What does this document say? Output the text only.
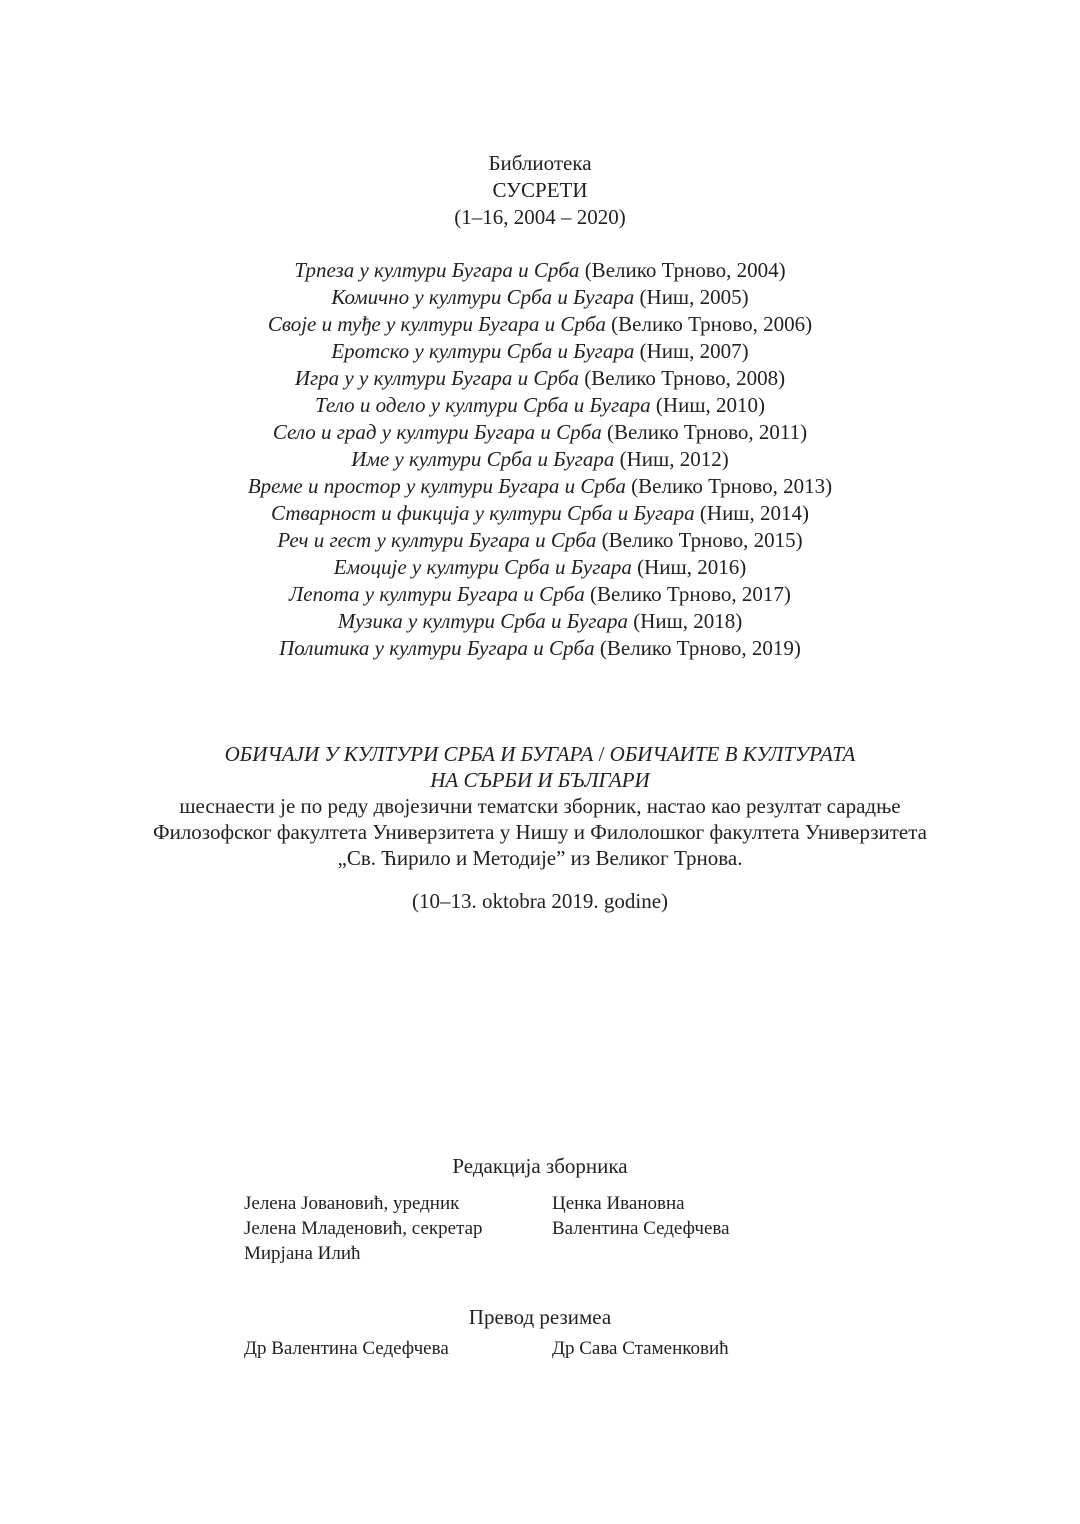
Библиотека
СУСРЕТИ
(1–16, 2004 – 2020)
Трпеза у култури Бугара и Срба (Велико Трново, 2004)
Комично у култури Срба и Бугара (Ниш, 2005)
Своје и туђе у култури Бугара и Срба (Велико Трново, 2006)
Еротско у култури Срба и Бугара (Ниш, 2007)
Игра у у култури Бугара и Срба (Велико Трново, 2008)
Тело и одело у култури Срба и Бугара (Ниш, 2010)
Село и град у култури Бугара и Срба (Велико Трново, 2011)
Име у култури Срба и Бугара (Ниш, 2012)
Време и простор у култури Бугара и Срба (Велико Трново, 2013)
Стварност и фикција у култури Срба и Бугара (Ниш, 2014)
Реч и гест у култури Бугара и Срба (Велико Трново, 2015)
Емоције у култури Срба и Бугара (Ниш, 2016)
Лепота у култури Бугара и Срба (Велико Трново, 2017)
Музика у култури Срба и Бугара (Ниш, 2018)
Политика у култури Бугара и Срба (Велико Трново, 2019)
ОБИЧАЈИ У КУЛТУРИ СРБА И БУГАРА / ОБИЧАИТЕ В КУЛТУРАТА
НА СЪРБИ И БЪЛГАРИ
шеснаести је по реду двојезични тематски зборник, настао као резултат сарадње
Филозофског факултета Универзитета у Нишу и Филолошког факултета Универзитета
„Св. Ћирило и Методије” из Великог Трнова.
(10–13. oktobra 2019. godine)
Редакција зборника
Јелена Јовановић, уредник
Јелена Младеновић, секретар
Мирјана Илић
Ценка Ивановна
Валентина Седефчева
Превод резимеа
Др Валентина Седефчева	Др Сава Стаменковић
